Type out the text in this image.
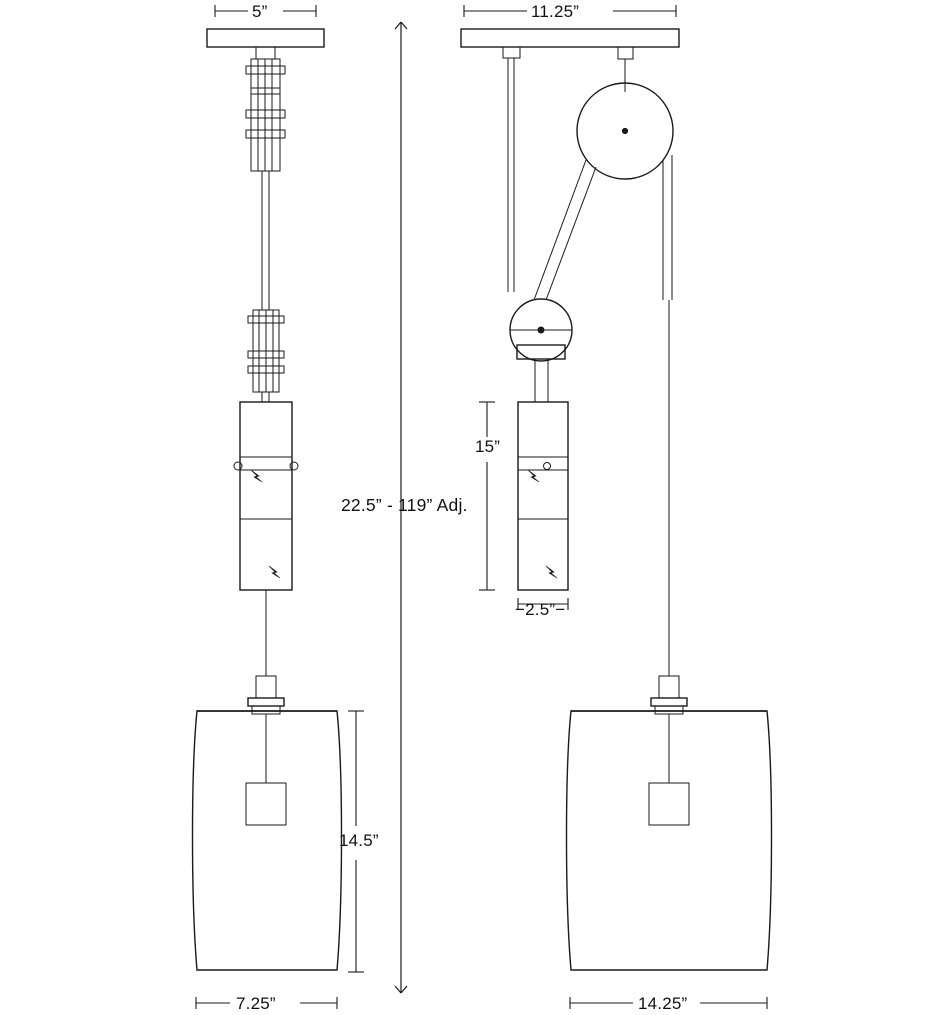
5”	11.25”
22.5” - 119” Adj.
15”
−2.5”−
14.5”
7.25”	14.25”
